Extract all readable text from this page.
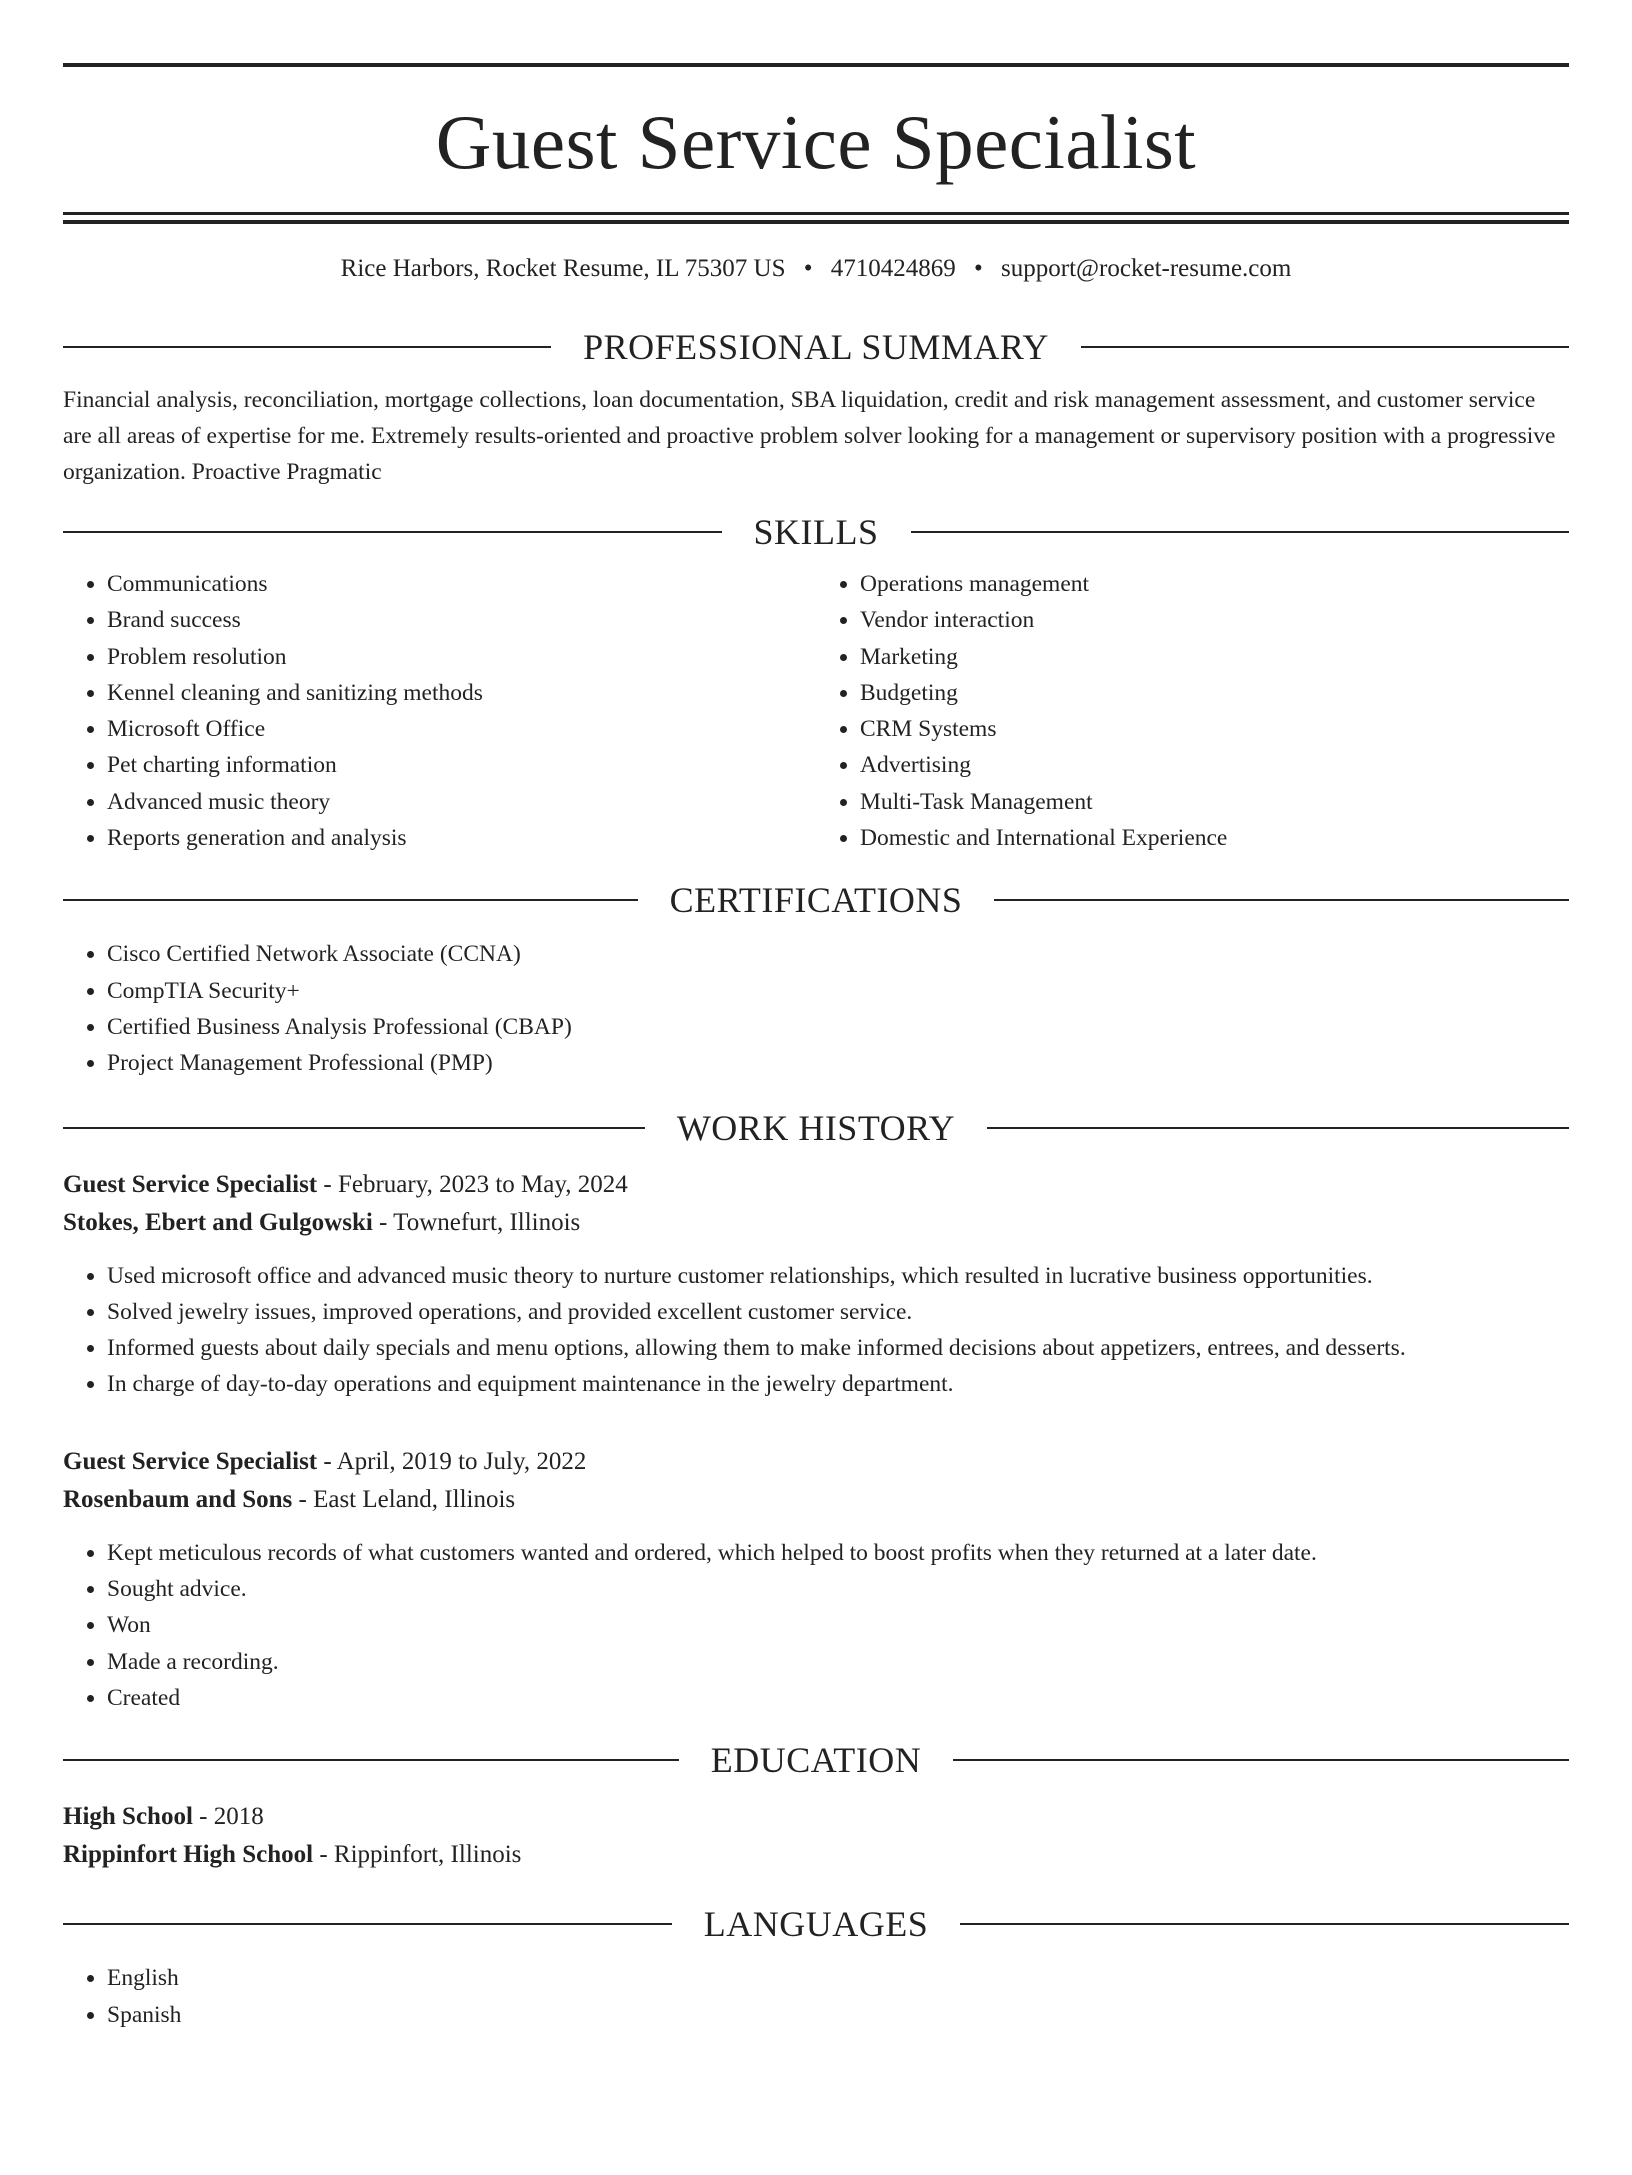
Guest Service Specialist
Rice Harbors, Rocket Resume, IL 75307 US • 4710424869 • support@rocket-resume.com
PROFESSIONAL SUMMARY
Financial analysis, reconciliation, mortgage collections, loan documentation, SBA liquidation, credit and risk management assessment, and customer service are all areas of expertise for me. Extremely results-oriented and proactive problem solver looking for a management or supervisory position with a progressive organization. Proactive Pragmatic
SKILLS
• Communications
• Brand success
• Problem resolution
• Kennel cleaning and sanitizing methods
• Microsoft Office
• Pet charting information
• Advanced music theory
• Reports generation and analysis
• Operations management
• Vendor interaction
• Marketing
• Budgeting
• CRM Systems
• Advertising
• Multi-Task Management
• Domestic and International Experience
CERTIFICATIONS
• Cisco Certified Network Associate (CCNA)
• CompTIA Security+
• Certified Business Analysis Professional (CBAP)
• Project Management Professional (PMP)
WORK HISTORY
Guest Service Specialist - February, 2023 to May, 2024
Stokes, Ebert and Gulgowski - Townefurt, Illinois
• Used microsoft office and advanced music theory to nurture customer relationships, which resulted in lucrative business opportunities.
• Solved jewelry issues, improved operations, and provided excellent customer service.
• Informed guests about daily specials and menu options, allowing them to make informed decisions about appetizers, entrees, and desserts.
• In charge of day-to-day operations and equipment maintenance in the jewelry department.
Guest Service Specialist - April, 2019 to July, 2022
Rosenbaum and Sons - East Leland, Illinois
• Kept meticulous records of what customers wanted and ordered, which helped to boost profits when they returned at a later date.
• Sought advice.
• Won
• Made a recording.
• Created
EDUCATION
High School - 2018
Rippinfort High School - Rippinfort, Illinois
LANGUAGES
• English
• Spanish
